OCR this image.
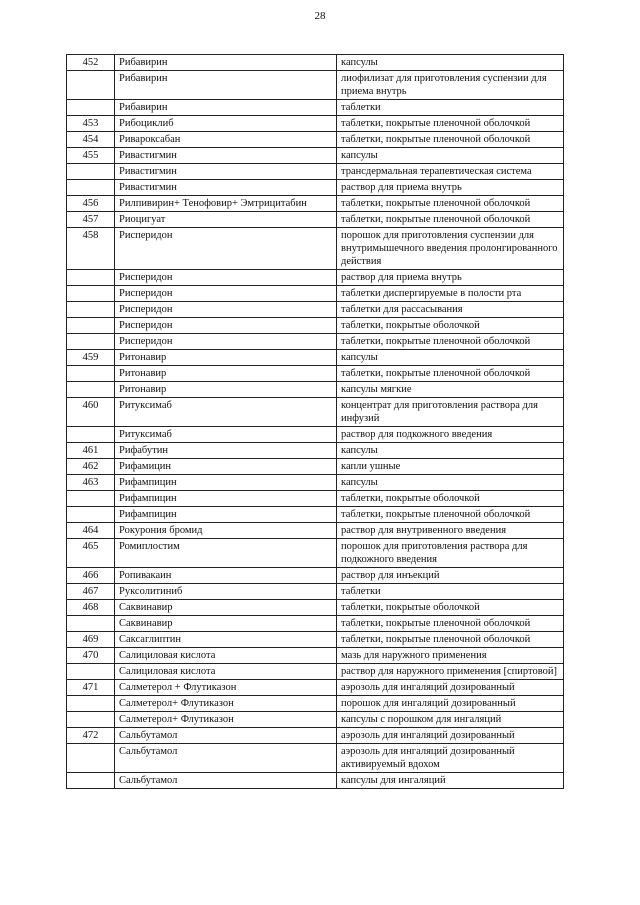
28
452	Рибавирин	капсулы
	Рибавирин	лиофилизат для приготовления суспензии для приема внутрь
	Рибавирин	таблетки
453	Рибоциклиб	таблетки, покрытые пленочной оболочкой
454	Ривароксабан	таблетки, покрытые пленочной оболочкой
455	Ривастигмин	капсулы
	Ривастигмин	трансдермальная терапевтическая система
	Ривастигмин	раствор для приема внутрь
456	Рилпивирин+ Тенофовир+ Эмтрицитабин	таблетки, покрытые пленочной оболочкой
457	Риоцигуат	таблетки, покрытые пленочной оболочкой
458	Рисперидон	порошок для приготовления суспензии для внутримышечного введения пролонгированного действия
	Рисперидон	раствор для приема внутрь
	Рисперидон	таблетки диспергируемые в полости рта
	Рисперидон	таблетки для рассасывания
	Рисперидон	таблетки, покрытые оболочкой
	Рисперидон	таблетки, покрытые пленочной оболочкой
459	Ритонавир	капсулы
	Ритонавир	таблетки, покрытые пленочной оболочкой
	Ритонавир	капсулы мягкие
460	Ритуксимаб	концентрат для приготовления раствора для инфузий
	Ритуксимаб	раствор для подкожного введения
461	Рифабутин	капсулы
462	Рифамицин	капли ушные
463	Рифампицин	капсулы
	Рифампицин	таблетки, покрытые оболочкой
	Рифампицин	таблетки, покрытые пленочной оболочкой
464	Рокурония бромид	раствор для внутривенного введения
465	Ромиплостим	порошок для приготовления раствора для подкожного введения
466	Ропивакаин	раствор для инъекций
467	Руксолитиниб	таблетки
468	Саквинавир	таблетки, покрытые оболочкой
	Саквинавир	таблетки, покрытые пленочной оболочкой
469	Саксаглиптин	таблетки, покрытые пленочной оболочкой
470	Салициловая кислота	мазь для наружного применения
	Салициловая кислота	раствор для наружного применения [спиртовой]
471	Салметерол + Флутиказон	аэрозоль для ингаляций дозированный
	Салметерол+ Флутиказон	порошок для ингаляций дозированный
	Салметерол+ Флутиказон	капсулы с порошком для ингаляций
472	Сальбутамол	аэрозоль для ингаляций дозированный
	Сальбутамол	аэрозоль для ингаляций дозированный активируемый вдохом
	Сальбутамол	капсулы для ингаляций
